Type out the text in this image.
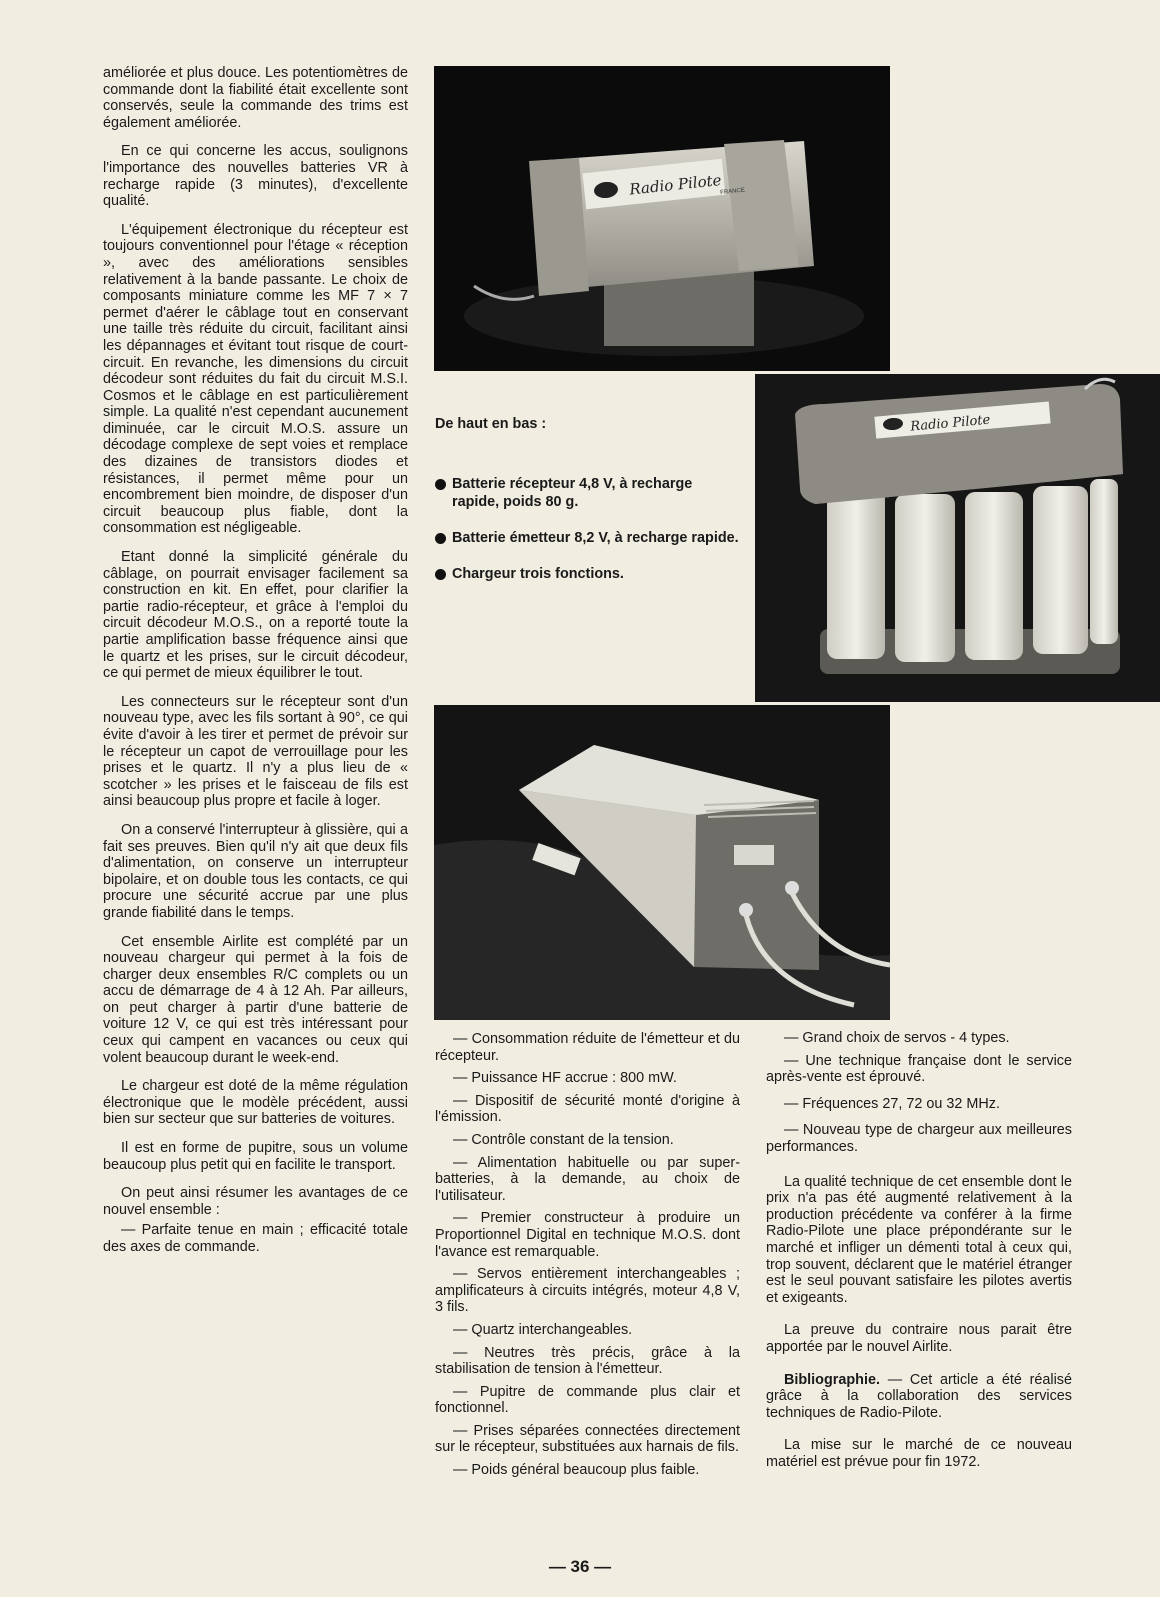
améliorée et plus douce. Les potentiomètres de commande dont la fiabilité était excellente sont conservés, seule la commande des trims est également améliorée.

En ce qui concerne les accus, soulignons l'importance des nouvelles batteries VR à recharge rapide (3 minutes), d'excellente qualité.

L'équipement électronique du récepteur est toujours conventionnel pour l'étage « réception », avec des améliorations sensibles relativement à la bande passante. Le choix de composants miniature comme les MF 7 × 7 permet d'aérer le câblage tout en conservant une taille très réduite du circuit, facilitant ainsi les dépannages et évitant tout risque de court-circuit. En revanche, les dimensions du circuit décodeur sont réduites du fait du circuit M.S.I. Cosmos et le câblage en est particulièrement simple. La qualité n'est cependant aucunement diminuée, car le circuit M.O.S. assure un décodage complexe de sept voies et remplace des dizaines de transistors diodes et résistances, il permet même pour un encombrement bien moindre, de disposer d'un circuit beaucoup plus fiable, dont la consommation est négligeable.

Etant donné la simplicité générale du câblage, on pourrait envisager facilement sa construction en kit. En effet, pour clarifier la partie radio-récepteur, et grâce à l'emploi du circuit décodeur M.O.S., on a reporté toute la partie amplification basse fréquence ainsi que le quartz et les prises, sur le circuit décodeur, ce qui permet de mieux équilibrer le tout.

Les connecteurs sur le récepteur sont d'un nouveau type, avec les fils sortant à 90°, ce qui évite d'avoir à les tirer et permet de prévoir sur le récepteur un capot de verrouillage pour les prises et le quartz. Il n'y a plus lieu de « scotcher » les prises et le faisceau de fils est ainsi beaucoup plus propre et facile à loger.

On a conservé l'interrupteur à glissière, qui a fait ses preuves. Bien qu'il n'y ait que deux fils d'alimentation, on conserve un interrupteur bipolaire, et on double tous les contacts, ce qui procure une sécurité accrue par une plus grande fiabilité dans le temps.

Cet ensemble Airlite est complété par un nouveau chargeur qui permet à la fois de charger deux ensembles R/C complets ou un accu de démarrage de 4 à 12 Ah. Par ailleurs, on peut charger à partir d'une batterie de voiture 12 V, ce qui est très intéressant pour ceux qui campent en vacances ou ceux qui volent beaucoup durant le week-end.

Le chargeur est doté de la même régulation électronique que le modèle précédent, aussi bien sur secteur que sur batteries de voitures.

Il est en forme de pupitre, sous un volume beaucoup plus petit qui en facilite le transport.

On peut ainsi résumer les avantages de ce nouvel ensemble :

— Parfaite tenue en main ; efficacité totale des axes de commande.

Radio Pilote
FRANCE
De haut en bas :
Batterie récepteur 4,8 V, à recharge rapide, poids 80 g.
Batterie émetteur 8,2 V, à recharge rapide.
Chargeur trois fonctions.
Radio Pilote

— Consommation réduite de l'émetteur et du récepteur.

— Puissance HF accrue : 800 mW.

— Dispositif de sécurité monté d'origine à l'émission.

— Contrôle constant de la tension.

— Alimentation habituelle ou par super-batteries, à la demande, au choix de l'utilisateur.

— Premier constructeur à produire un Proportionnel Digital en technique M.O.S. dont l'avance est remarquable.

— Servos entièrement interchangeables ; amplificateurs à circuits intégrés, moteur 4,8 V, 3 fils.

— Quartz interchangeables.

— Neutres très précis, grâce à la stabilisation de tension à l'émetteur.

— Pupitre de commande plus clair et fonctionnel.

— Prises séparées connectées directement sur le récepteur, substituées aux harnais de fils.

— Poids général beaucoup plus faible.

— Grand choix de servos - 4 types.

— Une technique française dont le service après-vente est éprouvé.

— Fréquences 27, 72 ou 32 MHz.

— Nouveau type de chargeur aux meilleures performances.

La qualité technique de cet ensemble dont le prix n'a pas été augmenté relativement à la production précédente va conférer à la firme Radio-Pilote une place prépondérante sur le marché et infliger un démenti total à ceux qui, trop souvent, déclarent que le matériel étranger est le seul pouvant satisfaire les pilotes avertis et exigeants.

La preuve du contraire nous parait être apportée par le nouvel Airlite.

Bibliographie. — Cet article a été réalisé grâce à la collaboration des services techniques de Radio-Pilote.

La mise sur le marché de ce nouveau matériel est prévue pour fin 1972.

— 36 —
